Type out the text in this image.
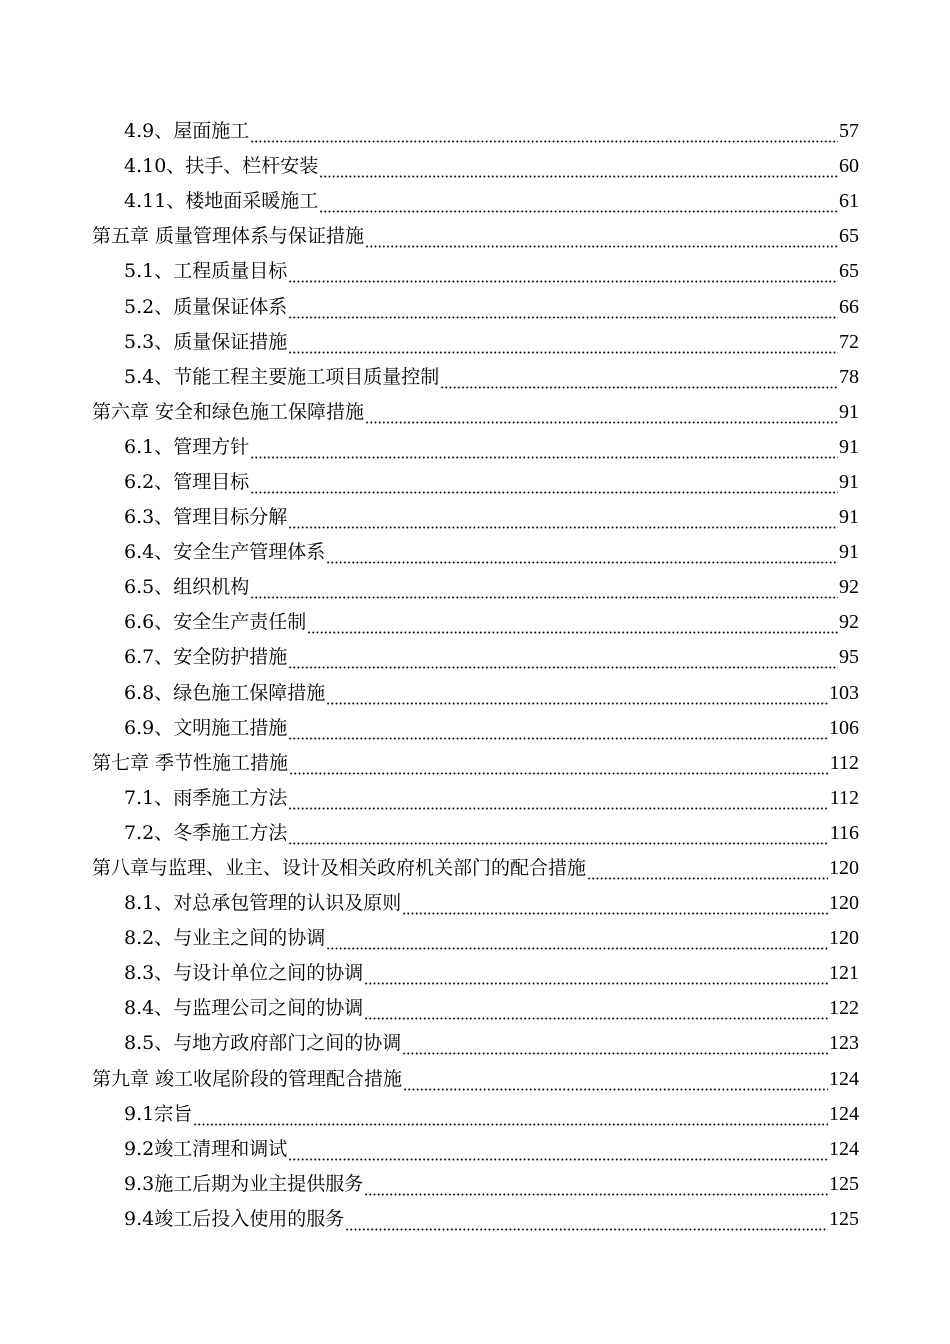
4.9、屋面施工	57
4.10、扶手、栏杆安装	60
4.11、楼地面采暖施工	61
第五章 质量管理体系与保证措施	65
5.1、工程质量目标	65
5.2、质量保证体系	66
5.3、质量保证措施	72
5.4、节能工程主要施工项目质量控制	78
第六章 安全和绿色施工保障措施	91
6.1、管理方针	91
6.2、管理目标	91
6.3、管理目标分解	91
6.4、安全生产管理体系	91
6.5、组织机构	92
6.6、安全生产责任制	92
6.7、安全防护措施	95
6.8、绿色施工保障措施	103
6.9、文明施工措施	106
第七章 季节性施工措施	112
7.1、雨季施工方法	112
7.2、冬季施工方法	116
第八章与监理、业主、设计及相关政府机关部门的配合措施	120
8.1、对总承包管理的认识及原则	120
8.2、与业主之间的协调	120
8.3、与设计单位之间的协调	121
8.4、与监理公司之间的协调	122
8.5、与地方政府部门之间的协调	123
第九章 竣工收尾阶段的管理配合措施	124
9.1宗旨	124
9.2竣工清理和调试	124
9.3施工后期为业主提供服务	125
9.4竣工后投入使用的服务	125
